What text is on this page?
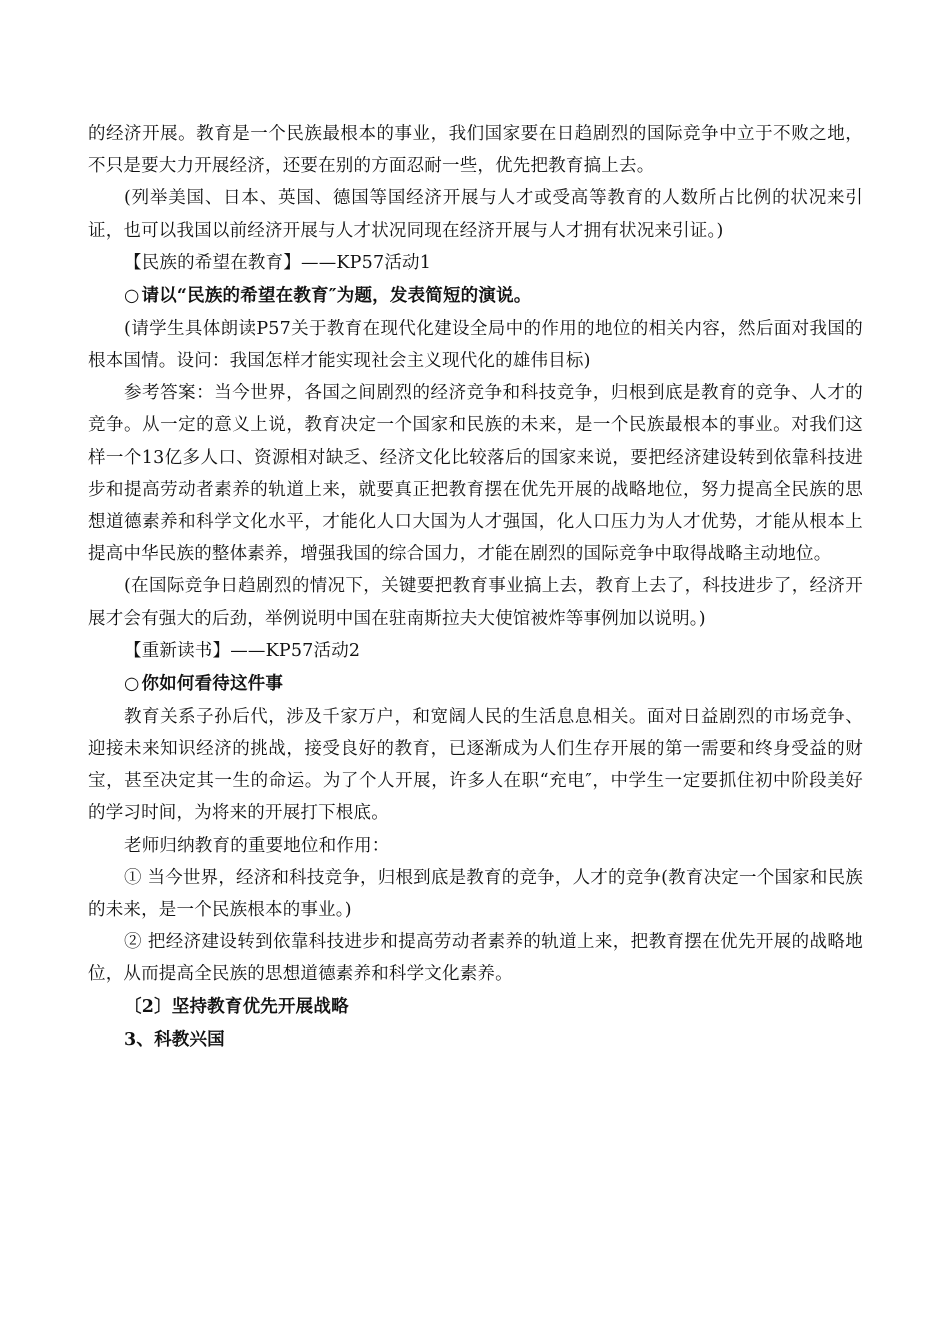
的经济开展。教育是一个民族最根本的事业，我们国家要在日趋剧烈的国际竞争中立于不败之地，不只是要大力开展经济，还要在别的方面忍耐一些，优先把教育搞上去。

(列举美国、日本、英国、德国等国经济开展与人才或受高等教育的人数所占比例的状况来引证，也可以我国以前经济开展与人才状况同现在经济开展与人才拥有状况来引证。)

【民族的希望在教育】——KP57活动1

○ 请以“民族的希望在教育″为题，发表简短的演说。

(请学生具体朗读P57关于教育在现代化建设全局中的作用的地位的相关内容，然后面对我国的根本国情。设问：我国怎样才能实现社会主义现代化的雄伟目标)

参考答案：当今世界，各国之间剧烈的经济竞争和科技竞争，归根到底是教育的竞争、人才的竞争。从一定的意义上说，教育决定一个国家和民族的未来，是一个民族最根本的事业。对我们这样一个13亿多人口、资源相对缺乏、经济文化比较落后的国家来说，要把经济建设转到依靠科技进步和提高劳动者素养的轨道上来，就要真正把教育摆在优先开展的战略地位，努力提高全民族的思想道德素养和科学文化水平，才能化人口大国为人才强国，化人口压力为人才优势，才能从根本上提高中华民族的整体素养，增强我国的综合国力，才能在剧烈的国际竞争中取得战略主动地位。

(在国际竞争日趋剧烈的情况下，关键要把教育事业搞上去，教育上去了，科技进步了，经济开展才会有强大的后劲，举例说明中国在驻南斯拉夫大使馆被炸等事例加以说明。)

【重新读书】——KP57活动2

○ 你如何看待这件事

教育关系子孙后代，涉及千家万户，和宽阔人民的生活息息相关。面对日益剧烈的市场竞争、迎接未来知识经济的挑战，接受良好的教育，已逐渐成为人们生存开展的第一需要和终身受益的财宝，甚至决定其一生的命运。为了个人开展，许多人在职“充电″，中学生一定要抓住初中阶段美好的学习时间，为将来的开展打下根底。

老师归纳教育的重要地位和作用：

① 当今世界，经济和科技竞争，归根到底是教育的竞争，人才的竞争(教育决定一个国家和民族的未来，是一个民族根本的事业。)

② 把经济建设转到依靠科技进步和提高劳动者素养的轨道上来，把教育摆在优先开展的战略地位，从而提高全民族的思想道德素养和科学文化素养。

〔2〕坚持教育优先开展战略

3、科教兴国
